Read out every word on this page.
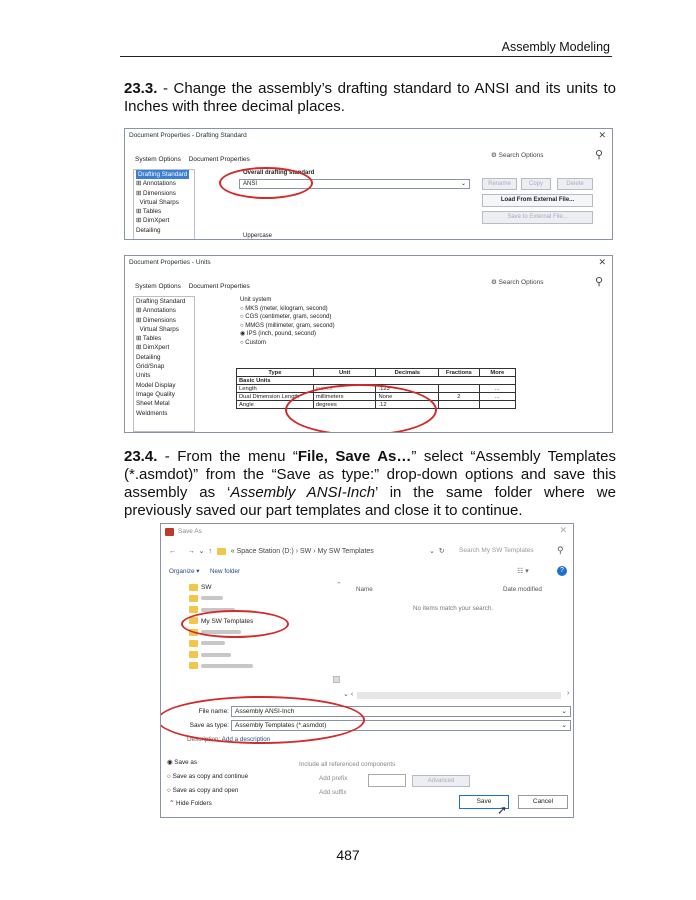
Assembly Modeling
23.3. - Change the assembly’s drafting standard to ANSI and its units to Inches with three decimal places.
Document Properties - Drafting Standard	✕
System Options Document Properties
⚙ Search Options	⚲
Drafting Standard
⊞ Annotations
⊞ Dimensions
Virtual Sharps
⊞ Tables
⊞ DimXpert
Detailing
Overall drafting standard
ANSI	⌄	Rename	Copy	Delete
Load From External File...
Save to External File...
Uppercase
Document Properties - Units	✕
System Options Document Properties
⚙ Search Options	⚲
Drafting Standard
⊞ Annotations
⊞ Dimensions
Virtual Sharps
⊞ Tables
⊞ DimXpert
Detailing
Grid/Snap
Units
Model Display
Image Quality
Sheet Metal
Weldments
Unit system
○ MKS (meter, kilogram, second)
○ CGS (centimeter, gram, second)
○ MMGS (millimeter, gram, second)
◉ IPS (inch, pound, second)
○ Custom
Type	Unit	Decimals	Fractions	More
Basic Units				
Length	inches	.123		...
Dual Dimension Length	millimeters	None	2	...
Angle	degrees	.12		
23.4. - From the menu “File, Save As…” select “Assembly Templates (*.asmdot)” from the “Save as type:” drop-down options and save this assembly as ‘Assembly ANSI-Inch’ in the same folder where we previously saved our part templates and close it to continue.
Save As	✕
← → ⌄ ↑	« Space Station (D:) › SW › My SW Templates	⌄ ↻ Search My SW Templates	⚲
Organize ▾ New folder	☷ ▾	?
SW
My SW Templates
⌃
Name	Date modified
No items match your search.
⌄ ‹	›
File name: Assembly ANSI-Inch	⌄
Save as type: Assembly Templates (*.asmdot)	⌄
Description: Add a description
◉ Save as
○ Save as copy and continue
○ Save as copy and open
Include all referenced components
Add prefix
Add suffix
Advanced
⌃ Hide Folders	Save
➚
Cancel
487
